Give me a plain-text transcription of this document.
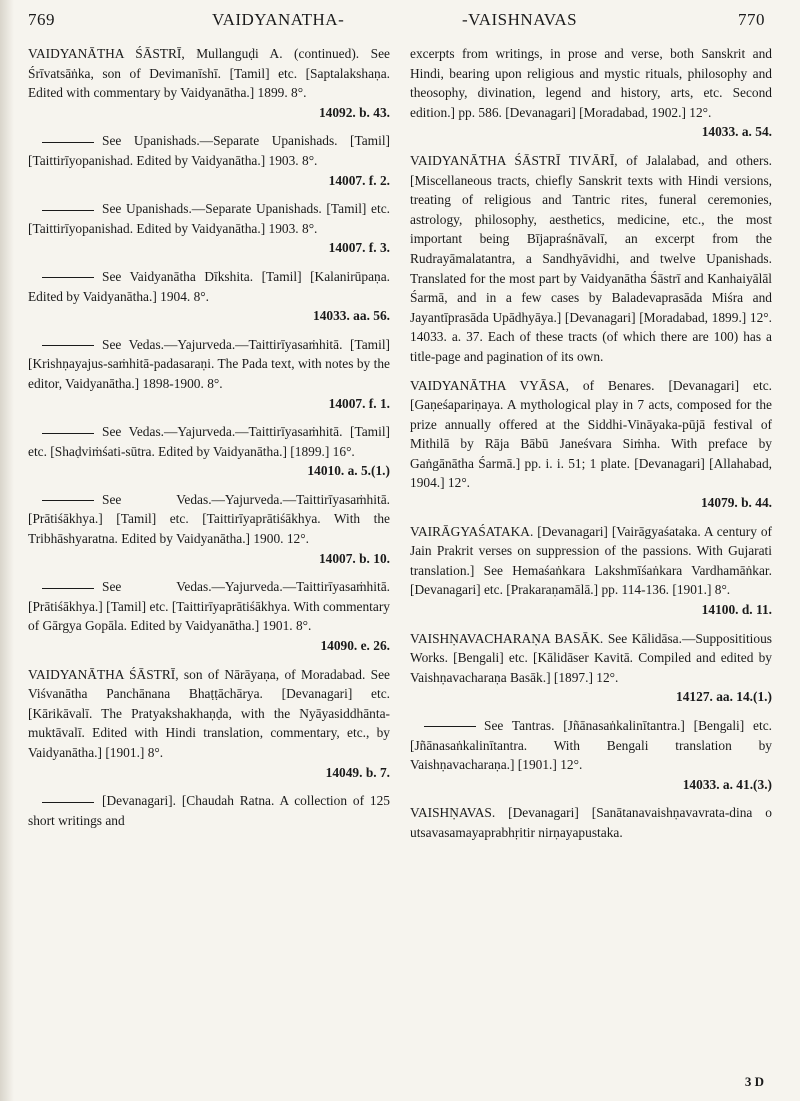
769	VAIDYANATHA-	-VAISHNAVAS	770
VAIDYANĀTHA ŚĀSTRĪ, Mullanguḍi A. (continued). See Śrīvatsāṅka, son of Devimanīshī. [Tamil] etc. [Saptalakshaṇa. Edited with commentary by Vaidyanātha.] 1899. 8°.
14092. b. 43.
See Upanishads.—Separate Upanishads. [Tamil] [Taittirīyopanishad. Edited by Vaidyanātha.] 1903. 8°.
14007. f. 2.
See Upanishads.—Separate Upanishads. [Tamil] etc. [Taittirīyopanishad. Edited by Vaidyanātha.] 1903. 8°.
14007. f. 3.
See Vaidyanātha Dīkshita. [Tamil] [Kalanirūpaṇa. Edited by Vaidyanātha.] 1904. 8°.
14033. aa. 56.
See Vedas.—Yajurveda.—Taittirīyasaṁhitā. [Tamil] [Krishṇayajus-saṁhitā-padasaraṇi. The Pada text, with notes by the editor, Vaidyanātha.] 1898-1900. 8°.
14007. f. 1.
See Vedas.—Yajurveda.—Taittirīyasaṁhitā. [Tamil] etc. [Shaḍviṁśati-sūtra. Edited by Vaidyanātha.] [1899.] 16°.
14010. a. 5.(1.)
See Vedas.—Yajurveda.—Taittirīyasaṁhitā. [Prātiśākhya.] [Tamil] etc. [Taittirīyaprātiśākhya. With the Tribhāshyaratna. Edited by Vaidyanātha.] 1900. 12°.
14007. b. 10.
See Vedas.—Yajurveda.—Taittirīyasaṁhitā. [Prātiśākhya.] [Tamil] etc. [Taittirīyaprātiśākhya. With commentary of Gārgya Gopāla. Edited by Vaidyanātha.] 1901. 8°.
14090. e. 26.
VAIDYANĀTHA ŚĀSTRĪ, son of Nārāyaṇa, of Moradabad. See Viśvanātha Panchānana Bhaṭṭāchārya. [Devanagari] etc. [Kārikāvalī. The Pratyakshakhaṇḍa, with the Nyāyasiddhānta-muktāvalī. Edited with Hindi translation, commentary, etc., by Vaidyanātha.] [1901.] 8°.
14049. b. 7.
[Devanagari]. [Chaudah Ratna. A collection of 125 short writings and
excerpts from writings, in prose and verse, both Sanskrit and Hindi, bearing upon religious and mystic rituals, philosophy and theosophy, divination, legend and history, arts, etc. Second edition.] pp. 586. [Devanagari] [Moradabad, 1902.] 12°.
14033. a. 54.
VAIDYANĀTHA ŚĀSTRĪ TIVĀRĪ, of Jalalabad, and others. [Miscellaneous tracts, chiefly Sanskrit texts with Hindi versions, treating of religious and Tantric rites, funeral ceremonies, astrology, philosophy, aesthetics, medicine, etc., the most important being Bījapraśnāvalī, an excerpt from the Rudrayāmalatantra, a Sandhyāvidhi, and twelve Upanishads. Translated for the most part by Vaidyanātha Śāstrī and Kanhaiyālāl Śarmā, and in a few cases by Baladevaprasāda Miśra and Jayantīprasāda Upādhyāya.] [Devanagari] [Moradabad, 1899.] 12°. 14033. a. 37. Each of these tracts (of which there are 100) has a title-page and pagination of its own.
VAIDYANĀTHA VYĀSA, of Benares. [Devanagari] etc. [Gaṇeśapariṇaya. A mythological play in 7 acts, composed for the prize annually offered at the Siddhi-Vināyaka-pūjā festival of Mithilā by Rāja Bābū Janeśvara Siṁha. With preface by Gaṅgānātha Śarmā.] pp. i. i. 51; 1 plate. [Devanagari] [Allahabad, 1904.] 12°.
14079. b. 44.
VAIRĀGYAŚATAKA. [Devanagari] [Vairāgyaśataka. A century of Jain Prakrit verses on suppression of the passions. With Gujarati translation.] See Hemaśaṅkara Lakshmīśaṅkara Vardhamāṅkar. [Devanagari] etc. [Prakaraṇamālā.] pp. 114-136. [1901.] 8°.
14100. d. 11.
VAISHṆAVACHARAṆA BASĀK. See Kālidāsa.—Supposititious Works. [Bengali] etc. [Kālidāser Kavitā. Compiled and edited by Vaishṇavacharaṇa Basāk.] [1897.] 12°.
14127. aa. 14.(1.)
See Tantras. [Jñānasaṅkalinītantra.] [Bengali] etc. [Jñānasaṅkalinītantra. With Bengali translation by Vaishṇavacharaṇa.] [1901.] 12°.
14033. a. 41.(3.)
VAISHṆAVAS. [Devanagari] [Sanātanavaishṇavavrata-dina o utsavasamayaprabhṛitir nirṇayapustaka.
3 D
